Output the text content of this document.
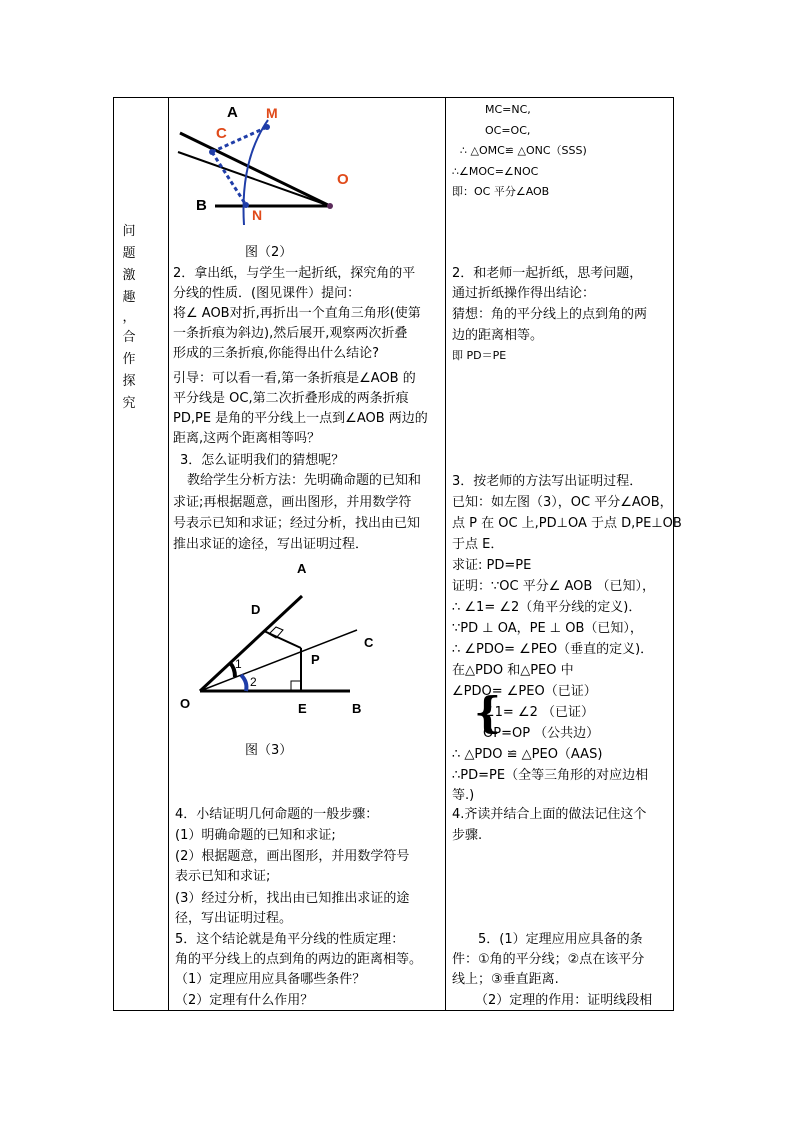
问
题
激
趣
，
合
作
探
究
A M
C
O
B
N
图（2）
2．拿出纸，与学生一起折纸，探究角的平
分线的性质．(图见课件）提问：
将∠ AOB对折,再折出一个直角三角形(使第
一条折痕为斜边),然后展开,观察两次折叠
形成的三条折痕,你能得出什么结论?
引导：可以看一看,第一条折痕是∠AOB 的
平分线是 OC,第二次折叠形成的两条折痕
PD,PE 是角的平分线上一点到∠AOB 两边的
距离,这两个距离相等吗？
3．怎么证明我们的猜想呢？
教给学生分析方法：先明确命题的已知和
求证;再根据题意，画出图形，并用数学符
号表示已知和求证；经过分析，找出由已知
推出求证的途径，写出证明过程．
A
D
C
P
O	E	B
1
2
图（3）
4．小结证明几何命题的一般步骤：
(1）明确命题的已知和求证;
(2）根据题意，画出图形，并用数学符号
表示已知和求证;
(3）经过分析，找出由已知推出求证的途
径，写出证明过程。
5．这个结论就是角平分线的性质定理：
角的平分线上的点到角的两边的距离相等。
（1）定理应用应具备哪些条件？
（2）定理有什么作用？
MC=NC,
OC=OC,
∴ △OMC≌ △ONC（SSS)
∴∠MOC=∠NOC
即：OC 平分∠AOB
2．和老师一起折纸，思考问题，
通过折纸操作得出结论：
猜想：角的平分线上的点到角的两
边的距离相等。
即 PD＝PE
3．按老师的方法写出证明过程．
已知：如左图（3），OC 平分∠AOB，
点 P 在 OC 上,PD⊥OA 于点 D,PE⊥OB
于点 E．
求证: PD=PE
证明：∵OC 平分∠ AOB （已知），
∴ ∠1= ∠2（角平分线的定义)．
∵PD ⊥ OA，PE ⊥ OB（已知），
∴ ∠PDO= ∠PEO（垂直的定义)．
在△PDO 和△PEO 中
{
∠PDO= ∠PEO（已证）
∠1= ∠2 （已证）
OP=OP （公共边）
∴ △PDO ≌ △PEO（AAS)
∴PD=PE（全等三角形的对应边相
等.)
4.齐读并结合上面的做法记住这个
步骤.
5．(1）定理应用应具备的条
件：①角的平分线；②点在该平分
线上；③垂直距离.
（2）定理的作用：证明线段相
